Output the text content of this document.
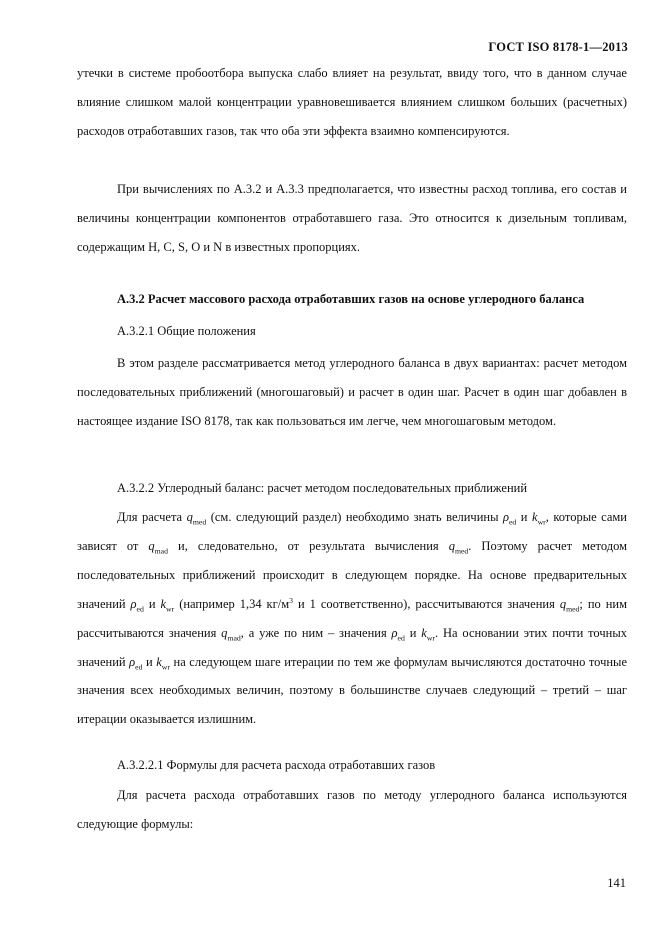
ГОСТ ISO 8178-1—2013
утечки в системе пробоотбора выпуска слабо влияет на результат, ввиду того, что в данном случае влияние слишком малой концентрации уравновешивается влиянием слишком больших (расчетных) расходов отработавших газов, так что оба эти эффекта взаимно компенсируются.
При вычислениях по А.3.2 и А.3.3 предполагается, что известны расход топлива, его состав и величины концентрации компонентов отработавшего газа. Это относится к дизельным топливам, содержащим H, C, S, O и N в известных пропорциях.
А.3.2 Расчет массового расхода отработавших газов на основе углеродного баланса
А.3.2.1 Общие положения
В этом разделе рассматривается метод углеродного баланса в двух вариантах: расчет методом последовательных приближений (многошаговый) и расчет в один шаг. Расчет в один шаг добавлен в настоящее издание ISO 8178, так как пользоваться им легче, чем многошаговым методом.
А.3.2.2 Углеродный баланс: расчет методом последовательных приближений
Для расчета $q_{med}$ (см. следующий раздел) необходимо знать величины $\rho_{ed}$ и $k_{wr}$, которые сами зависят от $q_{mad}$ и, следовательно, от результата вычисления $q_{med}$. Поэтому расчет методом последовательных приближений происходит в следующем порядке. На основе предварительных значений $\rho_{ed}$ и $k_{wr}$ (например 1,34 $кг/м^3$ и 1 соответственно), рассчитываются значения $q_{med}$; по ним рассчитываются значения $q_{mad}$, а уже по ним – значения $\rho_{ed}$ и $k_{wr}$. На основании этих почти точных значений $\rho_{ed}$ и $k_{wr}$ на следующем шаге итерации по тем же формулам вычисляются достаточно точные значения всех необходимых величин, поэтому в большинстве случаев следующий – третий – шаг итерации оказывается излишним.
А.3.2.2.1 Формулы для расчета расхода отработавших газов
Для расчета расхода отработавших газов по методу углеродного баланса используются следующие формулы:
141
